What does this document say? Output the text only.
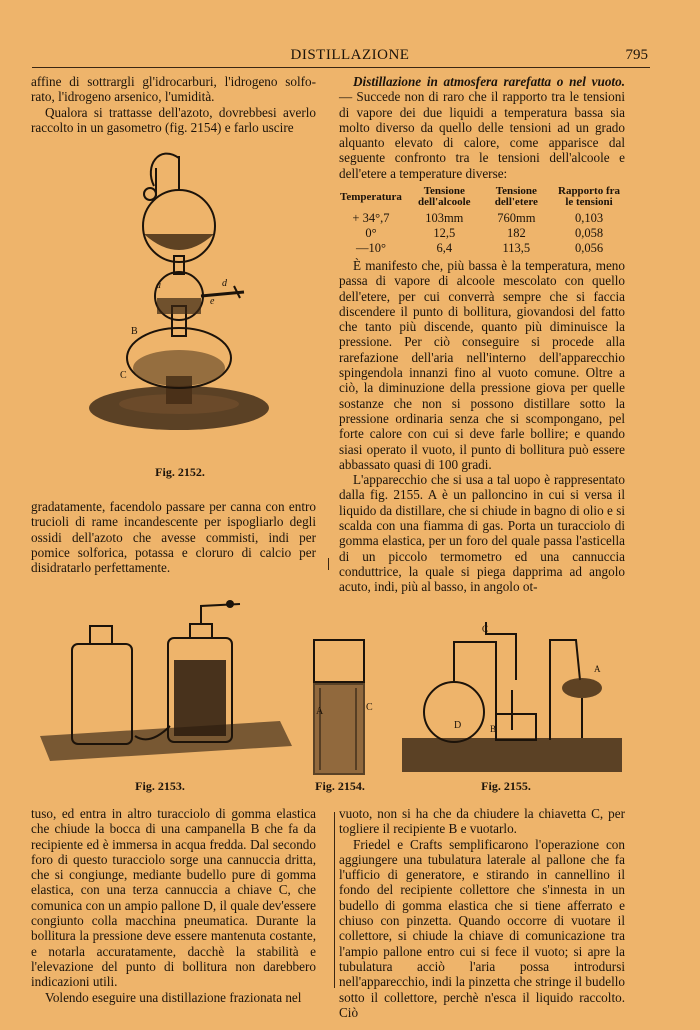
DISTILLAZIONE	795

affine di sottrargli gl'idrocarburi, l'idrogeno solfo-rato, l'idrogeno arsenico, l'umidità.

Qualora si trattasse dell'azoto, dovrebbesi averlo raccolto in un gasometro (fig. 2154) e farlo uscire

a
B
C
d
e
Fig. 2152.

gradatamente, facendolo passare per canna con entro trucioli di rame incandescente per ispogliarlo degli ossidi dell'azoto che avesse commisti, indi per pomice solforica, potassa e cloruro di calcio per disidratarlo perfettamente.

Distillazione in atmosfera rarefatta o nel vuoto. — Succede non di raro che il rapporto tra le tensioni di vapore dei due liquidi a temperatura bassa sia molto diverso da quello delle tensioni ad un grado alquanto elevato di calore, come apparisce dal seguente confronto tra le tensioni dell'alcoole e dell'etere a temperature diverse:

Temperatura	Tensione dell'alcoole	Tensione dell'etere	Rapporto fra le tensioni
+ 34°,7	103mm	760mm	0,103
0°	12,5	182	0,058
—10°	6,4	113,5	0,056

È manifesto che, più bassa è la temperatura, meno passa di vapore di alcoole mescolato con quello dell'etere, per cui converrà sempre che si faccia discendere il punto di bollitura, giovandosi del fatto che tanto più discende, quanto più diminuisce la pressione. Per ciò conseguire si procede alla rarefazione dell'aria nell'interno dell'apparecchio spingendola innanzi fino al vuoto comune. Oltre a ciò, la diminuzione della pressione giova per quelle sostanze che non si possono distillare sotto la pressione ordinaria senza che si scompongano, pel forte calore con cui si deve farle bollire; e quando siasi operato il vuoto, il punto di bollitura può essere abbassato quasi di 100 gradi.

L'apparecchio che si usa a tal uopo è rappresentato dalla fig. 2155. A è un palloncino in cui si versa il liquido da distillare, che si chiude in bagno di olio e si scalda con una fiamma di gas. Porta un turacciolo di gomma elastica, per un foro del quale passa l'asticella di un piccolo termometro ed una cannuccia conduttrice, la quale si piega dapprima ad angolo acuto, indi, più al basso, in angolo ot-

Fig. 2153.
A	C
Fig. 2154.
D	B
C
A
Fig. 2155.

tuso, ed entra in altro turacciolo di gomma elastica che chiude la bocca di una campanella B che fa da recipiente ed è immersa in acqua fredda. Dal secondo foro di questo turacciolo sorge una cannuccia dritta, che si congiunge, mediante budello pure di gomma elastica, con una terza cannuccia a chiave C, che comunica con un ampio pallone D, il quale dev'essere congiunto colla macchina pneumatica. Durante la bollitura la pressione deve essere mantenuta costante, e notarla accuratamente, dacchè la stabilità e l'elevazione del punto di bollitura non darebbero indicazioni utili.

Volendo eseguire una distillazione frazionata nel

vuoto, non si ha che da chiudere la chiavetta C, per togliere il recipiente B e vuotarlo.

Friedel e Crafts semplificarono l'operazione con aggiungere una tubulatura laterale al pallone che fa l'ufficio di generatore, e stirando in cannellino il fondo del recipiente collettore che s'innesta in un budello di gomma elastica che si tiene afferrato e chiuso con pinzetta. Quando occorre di vuotare il collettore, si chiude la chiave di comunicazione tra l'ampio pallone entro cui si fece il vuoto; si apre la tubulatura acciò l'aria possa introdursi nell'apparecchio, indi la pinzetta che stringe il budello sotto il collettore, perchè n'esca il liquido raccolto. Ciò
